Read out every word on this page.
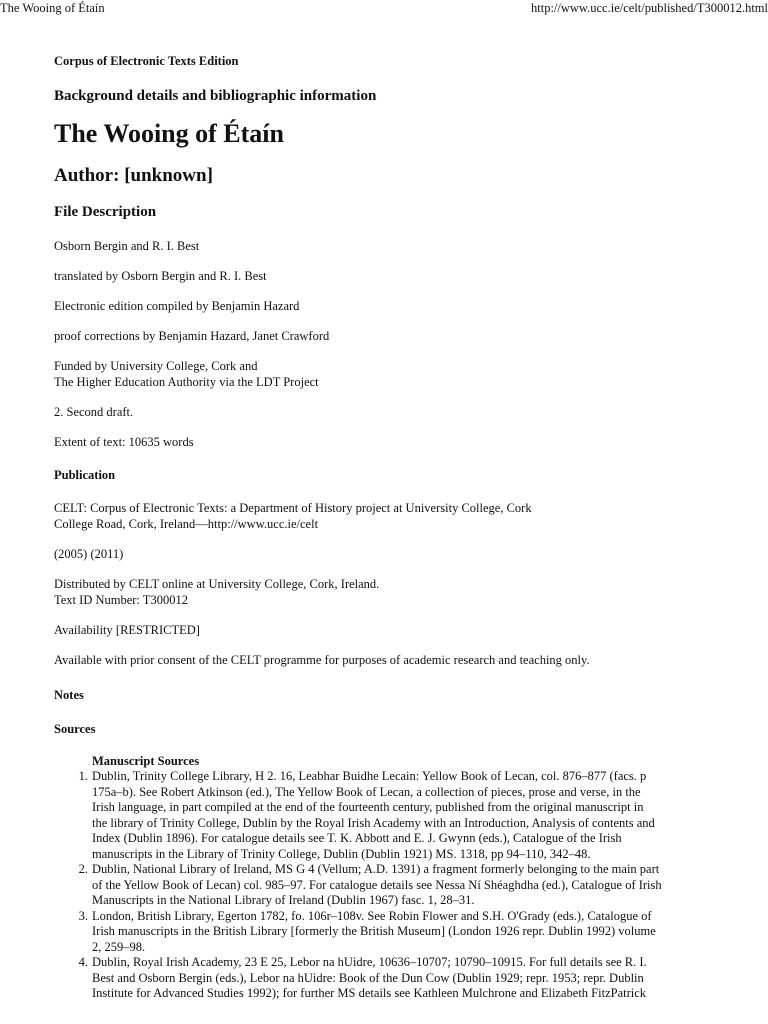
The Wooing of Étaín	http://www.ucc.ie/celt/published/T300012.html
Corpus of Electronic Texts Edition
Background details and bibliographic information
The Wooing of Étaín
Author: [unknown]
File Description

Osborn Bergin and R. I. Best

translated by Osborn Bergin and R. I. Best

Electronic edition compiled by Benjamin Hazard

proof corrections by Benjamin Hazard, Janet Crawford

Funded by University College, Cork and
The Higher Education Authority via the LDT Project

2. Second draft.

Extent of text: 10635 words

Publication

CELT: Corpus of Electronic Texts: a Department of History project at University College, Cork
College Road, Cork, Ireland—http://www.ucc.ie/celt

(2005) (2011)

Distributed by CELT online at University College, Cork, Ireland.
Text ID Number: T300012

Availability [RESTRICTED]

Available with prior consent of the CELT programme for purposes of academic research and teaching only.

Notes
Sources
Manuscript Sources
1. Dublin, Trinity College Library, H 2. 16, Leabhar Buidhe Lecain: Yellow Book of Lecan, col. 876–877 (facs. p
175a–b). See Robert Atkinson (ed.), The Yellow Book of Lecan, a collection of pieces, prose and verse, in the
Irish language, in part compiled at the end of the fourteenth century, published from the original manuscript in
the library of Trinity College, Dublin by the Royal Irish Academy with an Introduction, Analysis of contents and
Index (Dublin 1896). For catalogue details see T. K. Abbott and E. J. Gwynn (eds.), Catalogue of the Irish
manuscripts in the Library of Trinity College, Dublin (Dublin 1921) MS. 1318, pp 94–110, 342–48.
2. Dublin, National Library of Ireland, MS G 4 (Vellum; A.D. 1391) a fragment formerly belonging to the main part
of the Yellow Book of Lecan) col. 985–97. For catalogue details see Nessa Ní Shéaghdha (ed.), Catalogue of Irish
Manuscripts in the National Library of Ireland (Dublin 1967) fasc. 1, 28–31.
3. London, British Library, Egerton 1782, fo. 106r–108v. See Robin Flower and S.H. O'Grady (eds.), Catalogue of
Irish manuscripts in the British Library [formerly the British Museum] (London 1926 repr. Dublin 1992) volume
2, 259–98.
4. Dublin, Royal Irish Academy, 23 E 25, Lebor na hUidre, 10636–10707; 10790–10915. For full details see R. I.
Best and Osborn Bergin (eds.), Lebor na hUidre: Book of the Dun Cow (Dublin 1929; repr. 1953; repr. Dublin
Institute for Advanced Studies 1992); for further MS details see Kathleen Mulchrone and Elizabeth FitzPatrick
